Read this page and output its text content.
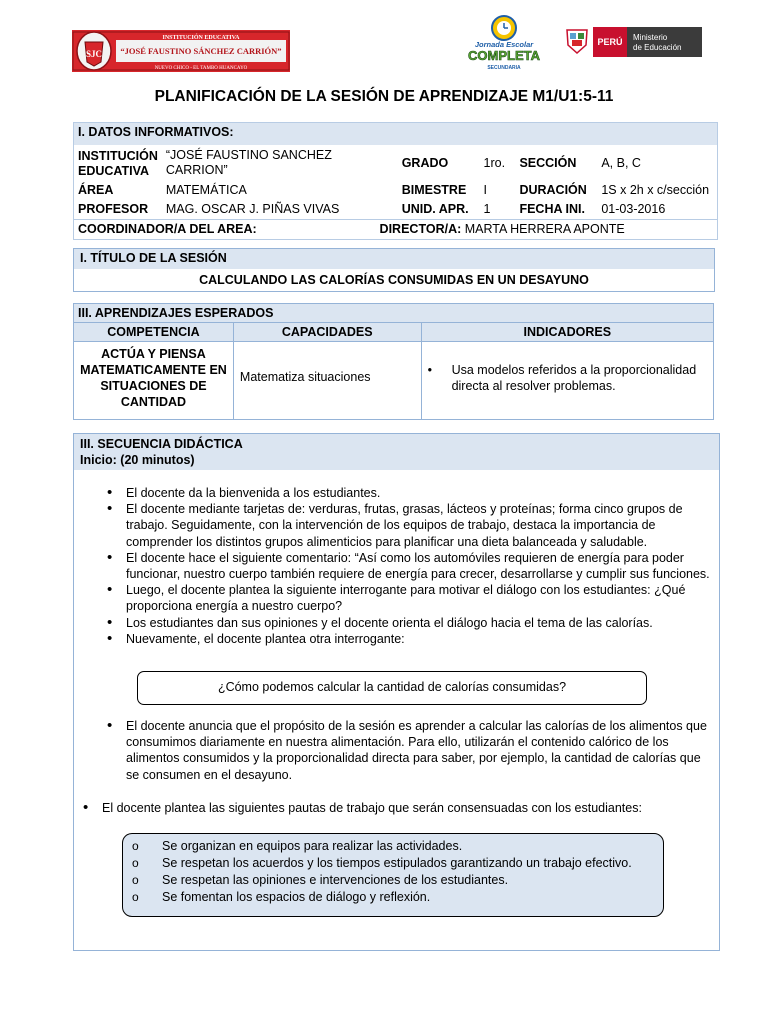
SJC
INSTITUCIÓN EDUCATIVA
“JOSÉ FAUSTINO SÁNCHEZ CARRIÓN”
NUEVO CHICO - EL TAMBO HUANCAYO
Jornada Escolar
COMPLETA
SECUNDARIA
PERÚ Ministerio
de Educación
PLANIFICACIÓN DE LA SESIÓN DE APRENDIZAJE M1/U1:5-11
I. DATOS INFORMATIVOS:					
INSTITUCIÓN EDUCATIVA	“JOSÉ FAUSTINO SANCHEZ CARRION”	GRADO	1ro.	SECCIÓN	A, B, C
ÁREA	MATEMÁTICA	BIMESTRE	I	DURACIÓN	1S x 2h x c/sección
PROFESOR	MAG. OSCAR J. PIÑAS VIVAS	UNID. APR.	1	FECHA INI.	01-03-2016
COORDINADOR/A DEL AREA:			DIRECTOR/A: MARTA HERRERA APONTE		
I. TÍTULO DE LA SESIÓN
CALCULANDO LAS CALORÍAS CONSUMIDAS EN UN DESAYUNO
III. APRENDIZAJES ESPERADOS		
COMPETENCIA	CAPACIDADES	INDICADORES
ACTÚA Y PIENSA MATEMATICAMENTE EN SITUACIONES DE CANTIDAD	Matematiza situaciones	• Usa modelos referidos a la proporcionalidad directa al resolver problemas.
III. SECUENCIA DIDÁCTICA
Inicio: (20 minutos)
• El docente da la bienvenida a los estudiantes.
• El docente mediante tarjetas de: verduras, frutas, grasas, lácteos y proteínas; forma cinco grupos de trabajo. Seguidamente, con la intervención de los equipos de trabajo, destaca la importancia de comprender los distintos grupos alimenticios para planificar una dieta balanceada y saludable.
• El docente hace el siguiente comentario: “Así como los automóviles requieren de energía para poder funcionar, nuestro cuerpo también requiere de energía para crecer, desarrollarse y cumplir sus funciones.
• Luego, el docente plantea la siguiente interrogante para motivar el diálogo con los estudiantes: ¿Qué proporciona energía a nuestro cuerpo?
• Los estudiantes dan sus opiniones y el docente orienta el diálogo hacia el tema de las calorías.
• Nuevamente, el docente plantea otra interrogante:
¿Cómo podemos calcular la cantidad de calorías consumidas?
• El docente anuncia que el propósito de la sesión es aprender a calcular las calorías de los alimentos que consumimos diariamente en nuestra alimentación. Para ello, utilizarán el contenido calórico de los alimentos consumidos y la proporcionalidad directa para saber, por ejemplo, la cantidad de calorías que se consumen en el desayuno.
• El docente plantea las siguientes pautas de trabajo que serán consensuadas con los estudiantes:
o Se organizan en equipos para realizar las actividades.
o Se respetan los acuerdos y los tiempos estipulados garantizando un trabajo efectivo.
o Se respetan las opiniones e intervenciones de los estudiantes.
o Se fomentan los espacios de diálogo y reflexión.
